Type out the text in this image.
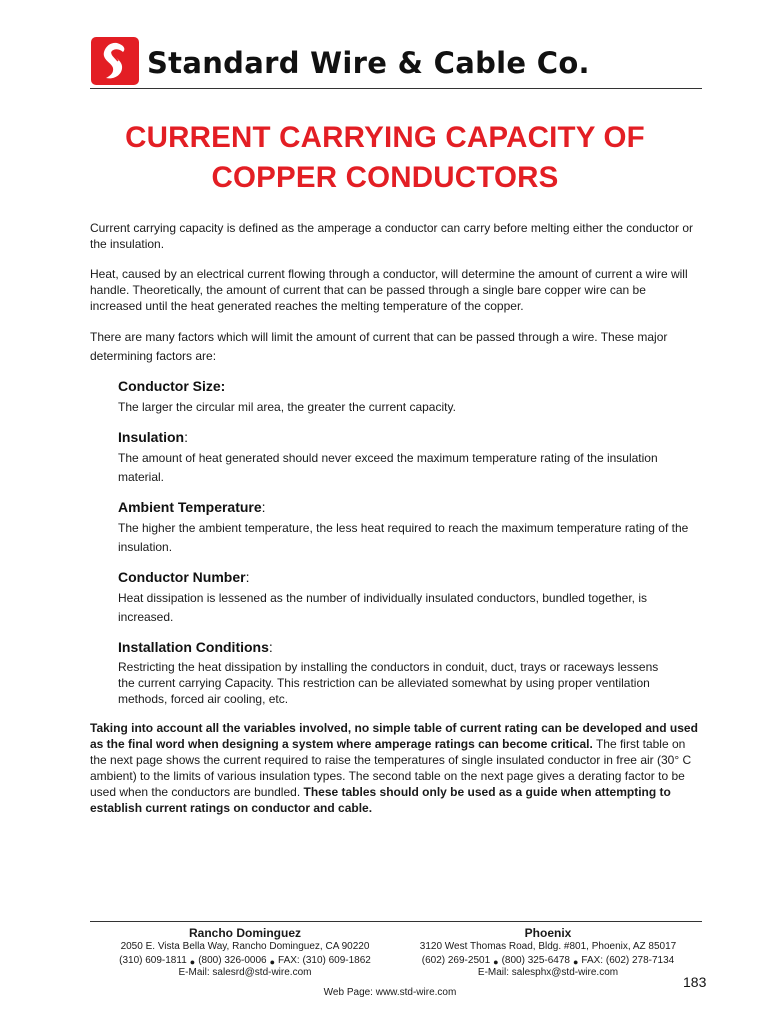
Standard Wire & Cable Co.
CURRENT CARRYING CAPACITY OF
COPPER CONDUCTORS

Current carrying capacity is defined as the amperage a conductor can carry before melting either the conductor or the insulation.

Heat, caused by an electrical current flowing through a conductor, will determine the amount of current a wire will handle. Theoretically, the amount of current that can be passed through a single bare copper wire can be increased until the heat generated reaches the melting temperature of the copper.

There are many factors which will limit the amount of current that can be passed through a wire. These major determining factors are:

Conductor Size:

The larger the circular mil area, the greater the current capacity.

Insulation:

The amount of heat generated should never exceed the maximum temperature rating of the insulation material.

Ambient Temperature:

The higher the ambient temperature, the less heat required to reach the maximum temperature rating of the insulation.

Conductor Number:

Heat dissipation is lessened as the number of individually insulated conductors, bundled together, is increased.

Installation Conditions:

Restricting the heat dissipation by installing the conductors in conduit, duct, trays or raceways lessens the current carrying Capacity. This restriction can be alleviated somewhat by using proper ventilation methods, forced air cooling, etc.

Taking into account all the variables involved, no simple table of current rating can be developed and used as the final word when designing a system where amperage ratings can become critical. The first table on the next page shows the current required to raise the temperatures of single insulated conductor in free air (30° C ambient) to the limits of various insulation types. The second table on the next page gives a derating factor to be used when the conductors are bundled. These tables should only be used as a guide when attempting to establish current ratings on conductor and cable.

Rancho Dominguez
2050 E. Vista Bella Way, Rancho Dominguez, CA 90220
(310) 609-1811 ● (800) 326-0006 ● FAX: (310) 609-1862
E-Mail: salesrd@std-wire.com
Phoenix
3120 West Thomas Road, Bldg. #801, Phoenix, AZ 85017
(602) 269-2501 ● (800) 325-6478 ● FAX: (602) 278-7134
E-Mail: salesphx@std-wire.com
Web Page: www.std-wire.com
183
